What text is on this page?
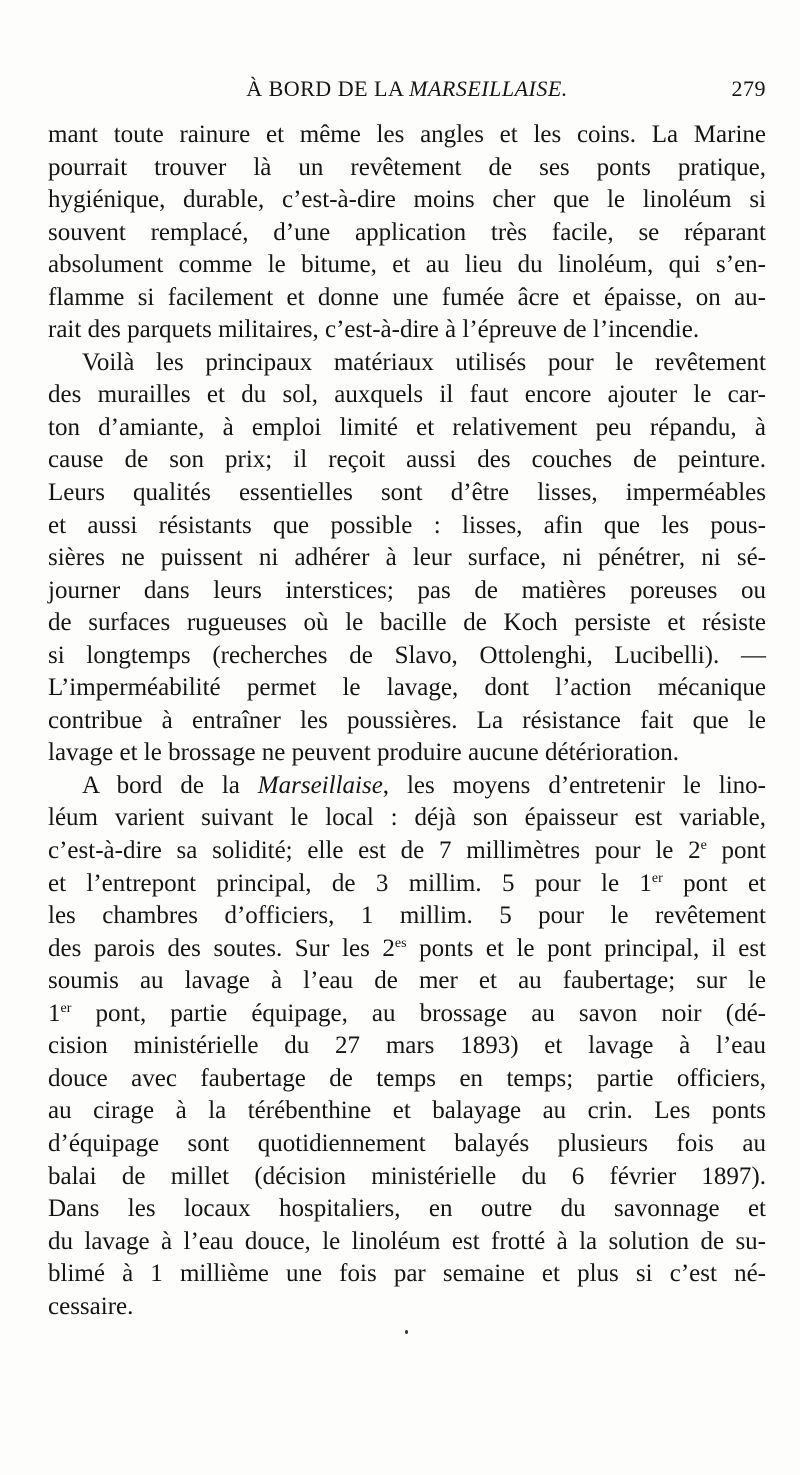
À BORD DE LA MARSEILLAISE.	279
mant toute rainure et même les angles et les coins. La Marine
pourrait trouver là un revêtement de ses ponts pratique,
hygiénique, durable, c’est-à-dire moins cher que le linoléum si
souvent remplacé, d’une application très facile, se réparant
absolument comme le bitume, et au lieu du linoléum, qui s’en-
flamme si facilement et donne une fumée âcre et épaisse, on au-
rait des parquets militaires, c’est-à-dire à l’épreuve de l’incendie.
Voilà les principaux matériaux utilisés pour le revêtement
des murailles et du sol, auxquels il faut encore ajouter le car-
ton d’amiante, à emploi limité et relativement peu répandu, à
cause de son prix; il reçoit aussi des couches de peinture.
Leurs qualités essentielles sont d’être lisses, imperméables
et aussi résistants que possible : lisses, afin que les pous-
sières ne puissent ni adhérer à leur surface, ni pénétrer, ni sé-
journer dans leurs interstices; pas de matières poreuses ou
de surfaces rugueuses où le bacille de Koch persiste et résiste
si longtemps (recherches de Slavo, Ottolenghi, Lucibelli). —
L’imperméabilité permet le lavage, dont l’action mécanique
contribue à entraîner les poussières. La résistance fait que le
lavage et le brossage ne peuvent produire aucune détérioration.
A bord de la Marseillaise, les moyens d’entretenir le lino-
léum varient suivant le local : déjà son épaisseur est variable,
c’est-à-dire sa solidité; elle est de 7 millimètres pour le 2e pont
et l’entrepont principal, de 3 millim. 5 pour le 1er pont et
les chambres d’officiers, 1 millim. 5 pour le revêtement
des parois des soutes. Sur les $2^{es}$ ponts et le pont principal, il est
soumis au lavage à l’eau de mer et au faubertage; sur le
1er pont, partie équipage, au brossage au savon noir (dé-
cision ministérielle du 27 mars 1893) et lavage à l’eau
douce avec faubertage de temps en temps; partie officiers,
au cirage à la térébenthine et balayage au crin. Les ponts
d’équipage sont quotidiennement balayés plusieurs fois au
balai de millet (décision ministérielle du 6 février 1897).
Dans les locaux hospitaliers, en outre du savonnage et
du lavage à l’eau douce, le linoléum est frotté à la solution de su-
blimé à 1 millième une fois par semaine et plus si c’est né-
cessaire.
